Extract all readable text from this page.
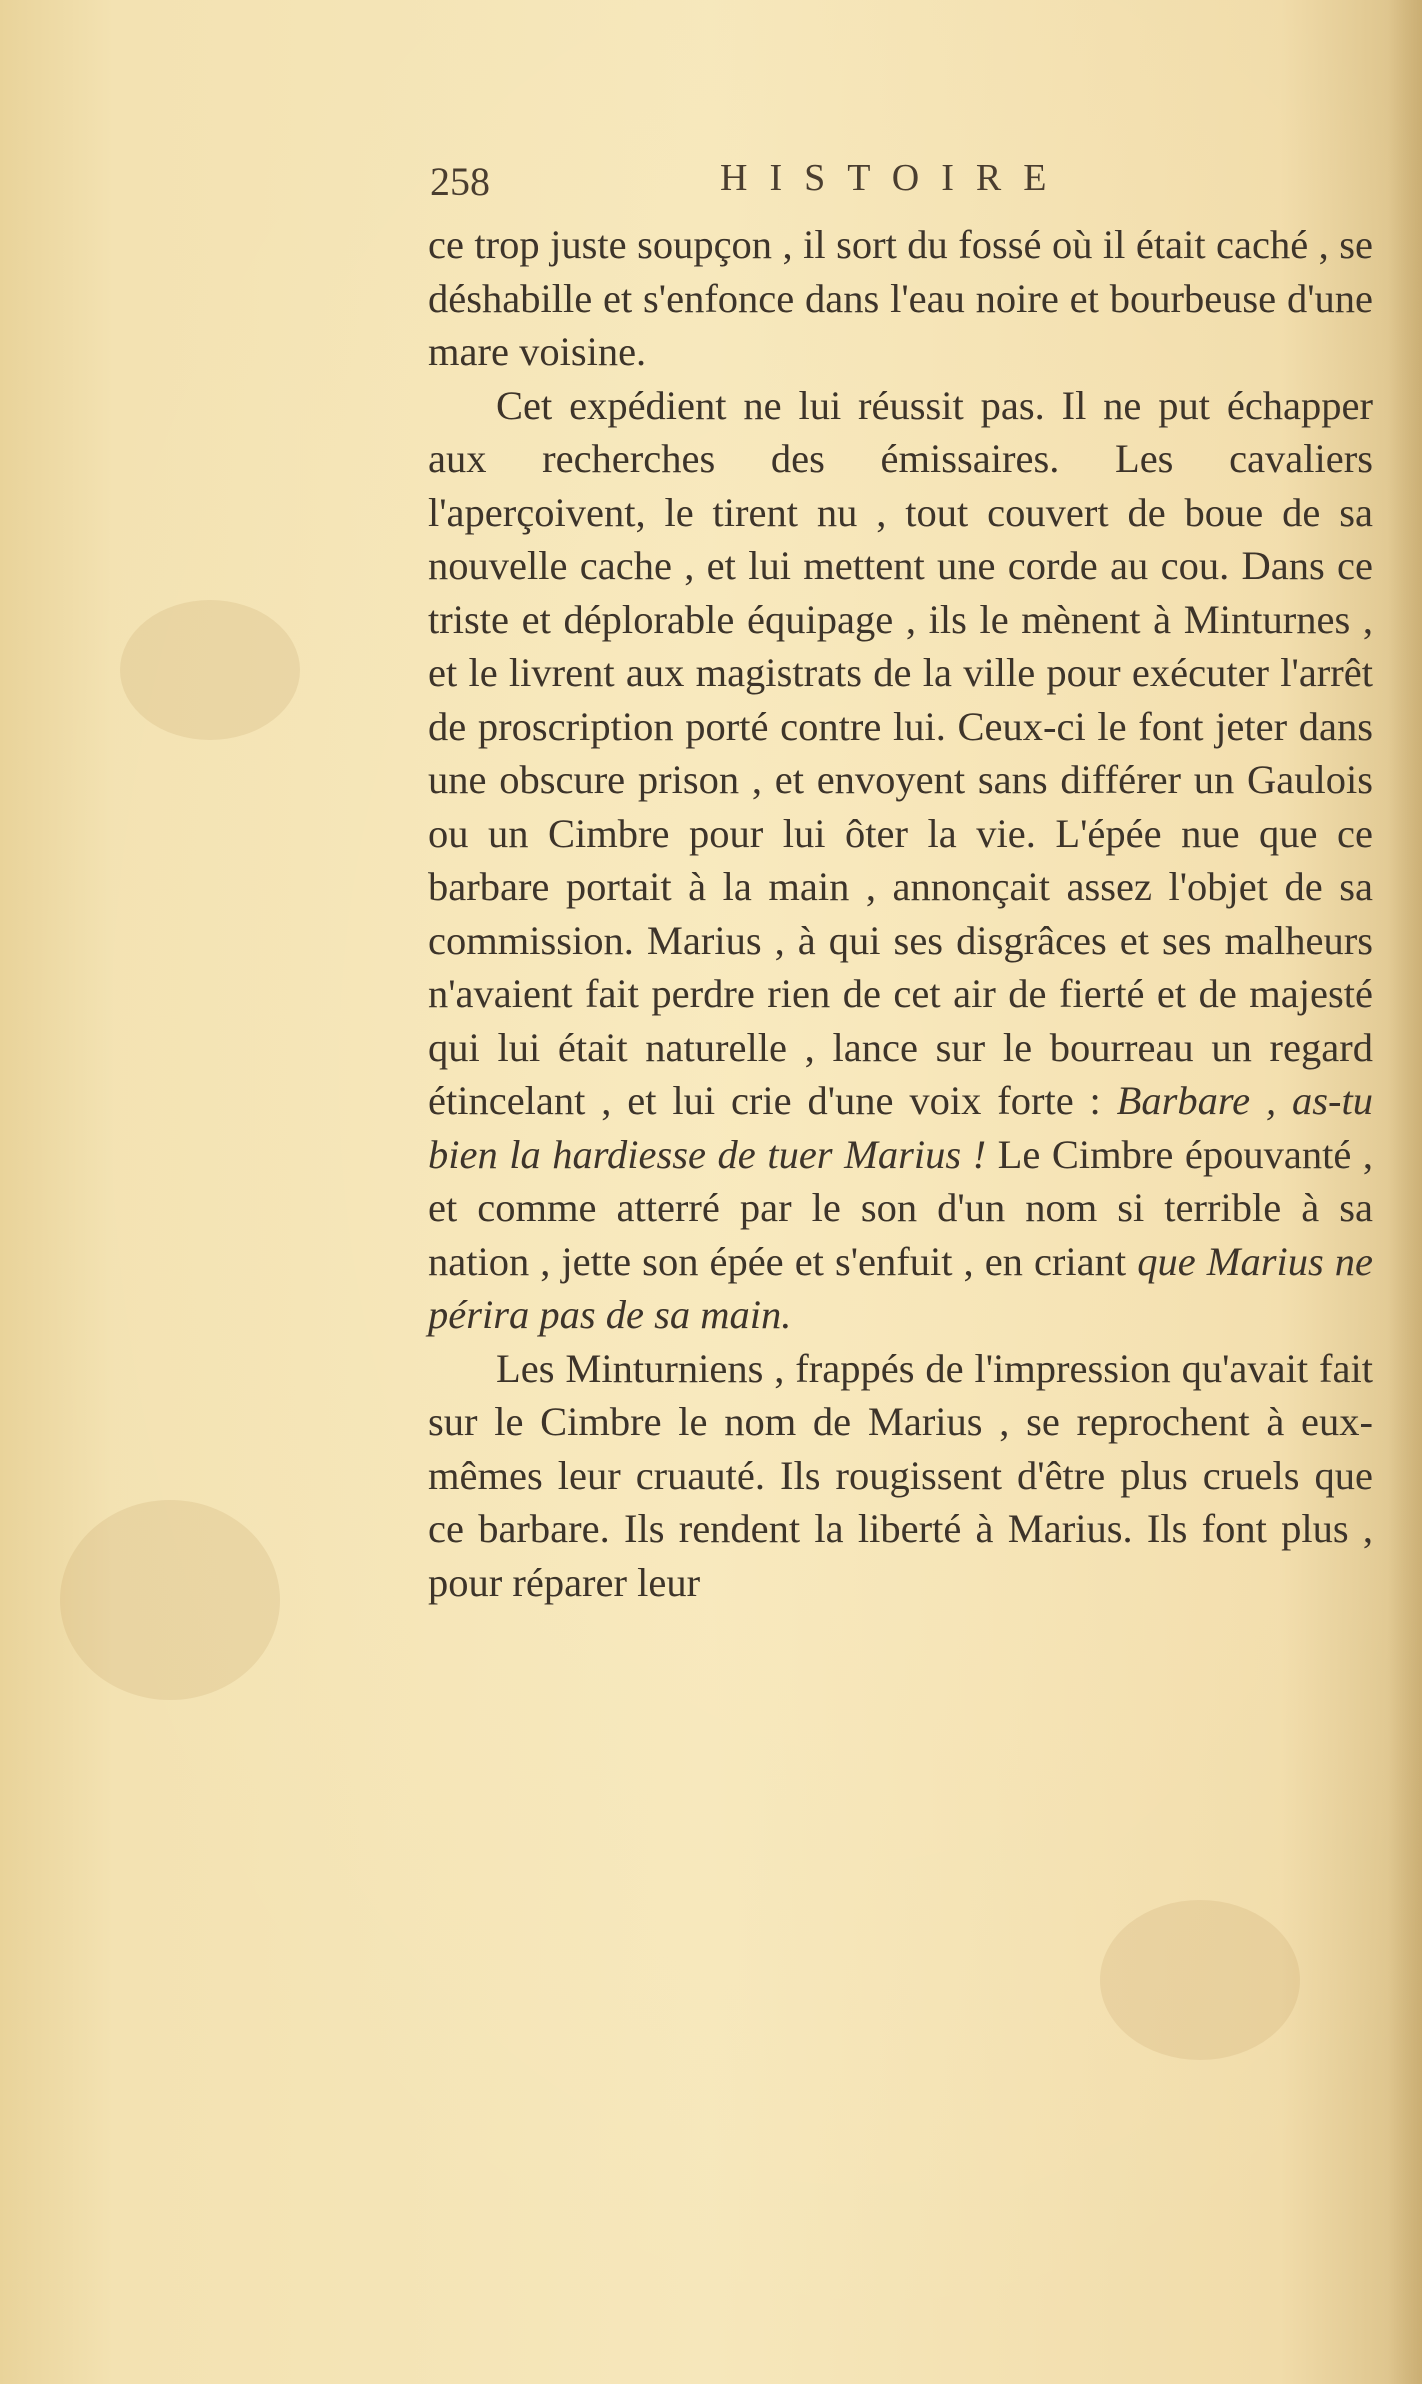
258	HISTOIRE

ce trop juste soupçon , il sort du fossé où il était caché , se déshabille et s'enfonce dans l'eau noire et bourbeuse d'une mare voisine.

Cet expédient ne lui réussit pas. Il ne put échapper aux recherches des émissaires. Les cavaliers l'aperçoivent, le tirent nu , tout couvert de boue de sa nouvelle cache , et lui mettent une corde au cou. Dans ce triste et déplorable équipage , ils le mènent à Minturnes , et le livrent aux magistrats de la ville pour exécuter l'arrêt de proscription porté contre lui. Ceux-ci le font jeter dans une obscure prison , et envoyent sans différer un Gaulois ou un Cimbre pour lui ôter la vie. L'épée nue que ce barbare portait à la main , annonçait assez l'objet de sa commission. Marius , à qui ses disgrâces et ses malheurs n'avaient fait perdre rien de cet air de fierté et de majesté qui lui était naturelle , lance sur le bourreau un regard étincelant , et lui crie d'une voix forte : Barbare , as-tu bien la hardiesse de tuer Marius ! Le Cimbre épouvanté , et comme atterré par le son d'un nom si terrible à sa nation , jette son épée et s'enfuit , en criant que Marius ne périra pas de sa main.

Les Minturniens , frappés de l'impression qu'avait fait sur le Cimbre le nom de Marius , se reprochent à eux-mêmes leur cruauté. Ils rougissent d'être plus cruels que ce barbare. Ils rendent la liberté à Marius. Ils font plus , pour réparer leur
